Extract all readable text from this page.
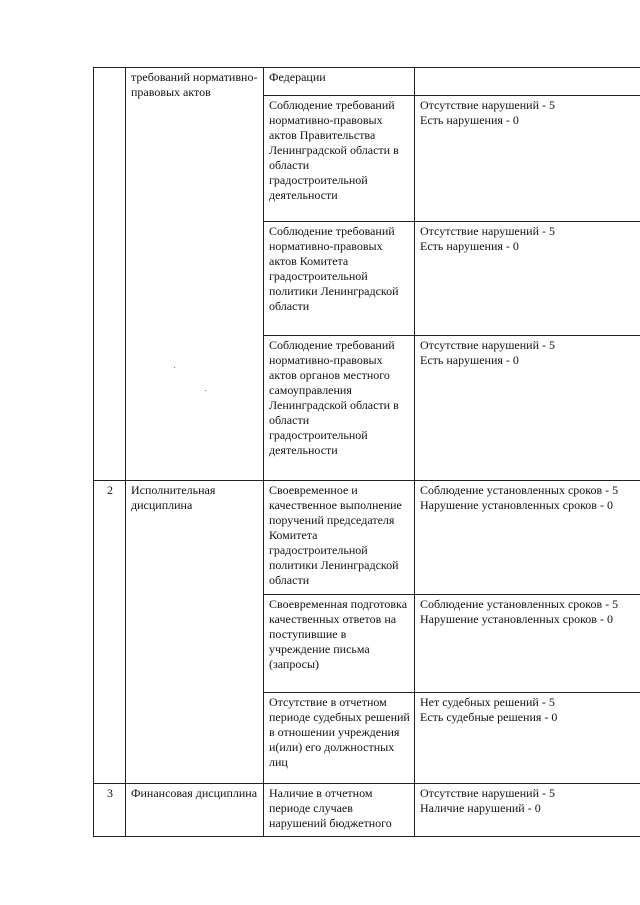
	требований нормативно-правовых актов	Федерации	
		Соблюдение требований нормативно-правовых актов Правительства Ленинградской области в области градостроительной деятельности	Отсутствие нарушений - 5
Есть нарушения - 0

		Соблюдение требований нормативно-правовых актов Комитета градостроительной политики Ленинградской области	Отсутствие нарушений - 5
Есть нарушения - 0

		Соблюдение требований нормативно-правовых актов органов местного самоуправления Ленинградской области в области градостроительной деятельности	Отсутствие нарушений - 5
Есть нарушения - 0

2	Исполнительная дисциплина	Своевременное и качественное выполнение поручений председателя Комитета градостроительной политики Ленинградской области	Соблюдение установленных сроков - 5
Нарушение установленных сроков - 0

		Своевременная подготовка качественных ответов на поступившие в учреждение письма (запросы)	Соблюдение установленных сроков - 5
Нарушение установленных сроков - 0

		Отсутствие в отчетном периоде судебных решений в отношении учреждения и(или) его должностных лиц	Нет судебных решений - 5
Есть судебные решения - 0

3	Финансовая дисциплина	Наличие в отчетном периоде случаев нарушений бюджетного	Отсутствие нарушений - 5
Наличие нарушений - 0
